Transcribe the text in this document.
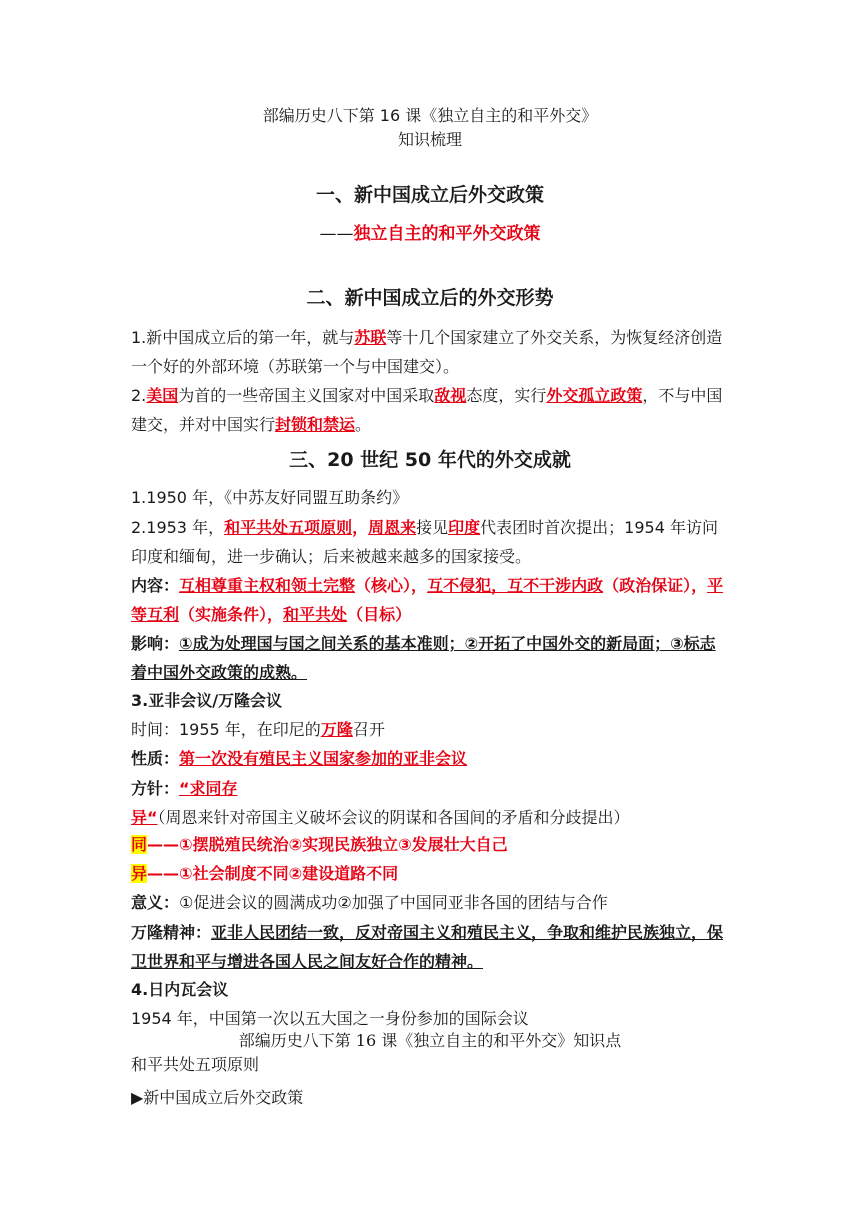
部编历史八下第 16 课《独立自主的和平外交》
知识梳理
一、新中国成立后外交政策
——独立自主的和平外交政策
二、新中国成立后的外交形势
1.新中国成立后的第一年，就与苏联等十几个国家建立了外交关系，为恢复经济创造一个好的外部环境（苏联第一个与中国建交）。
2.美国为首的一些帝国主义国家对中国采取敌视态度，实行外交孤立政策，不与中国建交，并对中国实行封锁和禁运。
三、20 世纪 50 年代的外交成就
1.1950 年，《中苏友好同盟互助条约》
2.1953 年，和平共处五项原则，周恩来接见印度代表团时首次提出；1954 年访问印度和缅甸，进一步确认；后来被越来越多的国家接受。
内容：互相尊重主权和领土完整（核心），互不侵犯，互不干涉内政（政治保证），平等互利（实施条件），和平共处（目标）
影响：①成为处理国与国之间关系的基本准则；②开拓了中国外交的新局面；③标志着中国外交政策的成熟。
3.亚非会议/万隆会议
时间：1955 年，在印尼的万隆召开
性质：第一次没有殖民主义国家参加的亚非会议
方针：“求同存异“（周恩来针对帝国主义破坏会议的阴谋和各国间的矛盾和分歧提出）
同——①摆脱殖民统治②实现民族独立③发展壮大自己
异——①社会制度不同②建设道路不同
意义：①促进会议的圆满成功②加强了中国同亚非各国的团结与合作
万隆精神：亚非人民团结一致，反对帝国主义和殖民主义，争取和维护民族独立，保卫世界和平与增进各国人民之间友好合作的精神。
4.日内瓦会议
1954 年，中国第一次以五大国之一身份参加的国际会议
部编历史八下第 16 课《独立自主的和平外交》知识点
和平共处五项原则
▶新中国成立后外交政策
